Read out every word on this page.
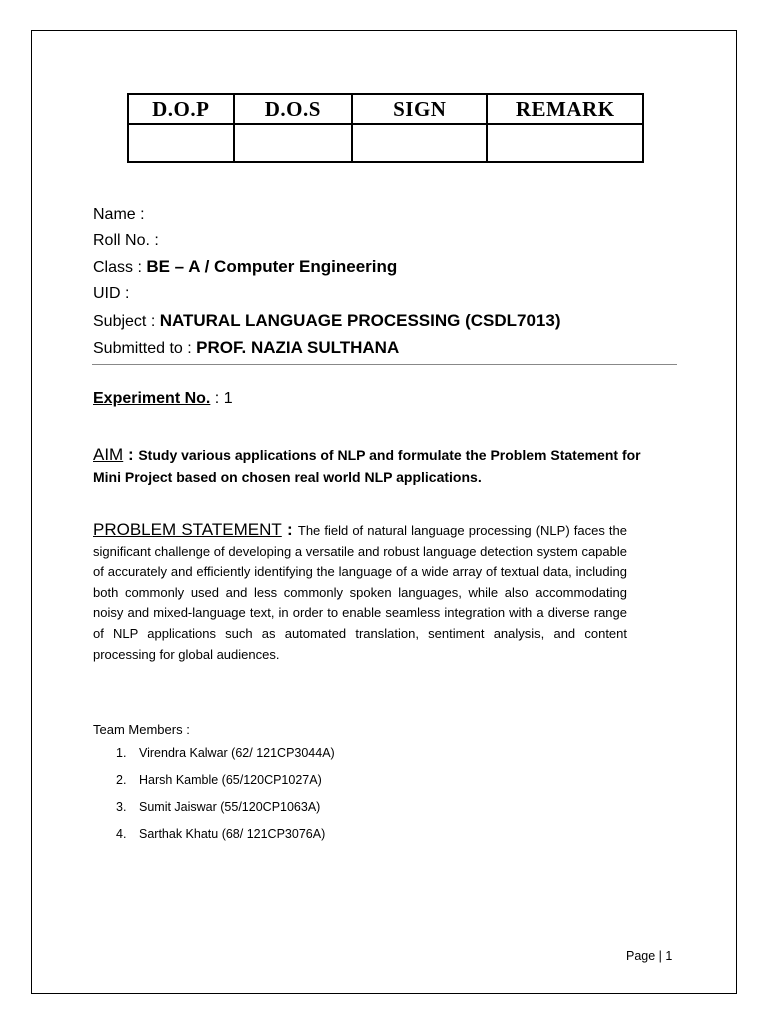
D.O.P	D.O.S	SIGN	REMARK

Name :
Roll No. :
Class : BE – A / Computer Engineering
UID :
Subject : NATURAL LANGUAGE PROCESSING (CSDL7013)
Submitted to : PROF. NAZIA SULTHANA
Experiment No. : 1
AIM : Study various applications of NLP and formulate the Problem Statement for Mini Project based on chosen real world NLP applications.
PROBLEM STATEMENT : The field of natural language processing (NLP) faces the significant challenge of developing a versatile and robust language detection system capable of accurately and efficiently identifying the language of a wide array of textual data, including both commonly used and less commonly spoken languages, while also accommodating noisy and mixed-language text, in order to enable seamless integration with a diverse range of NLP applications such as automated translation, sentiment analysis, and content processing for global audiences.
Team Members :
1. Virendra Kalwar (62/ 121CP3044A)
2. Harsh Kamble (65/120CP1027A)
3. Sumit Jaiswar (55/120CP1063A)
4. Sarthak Khatu (68/ 121CP3076A)
Page | 1
